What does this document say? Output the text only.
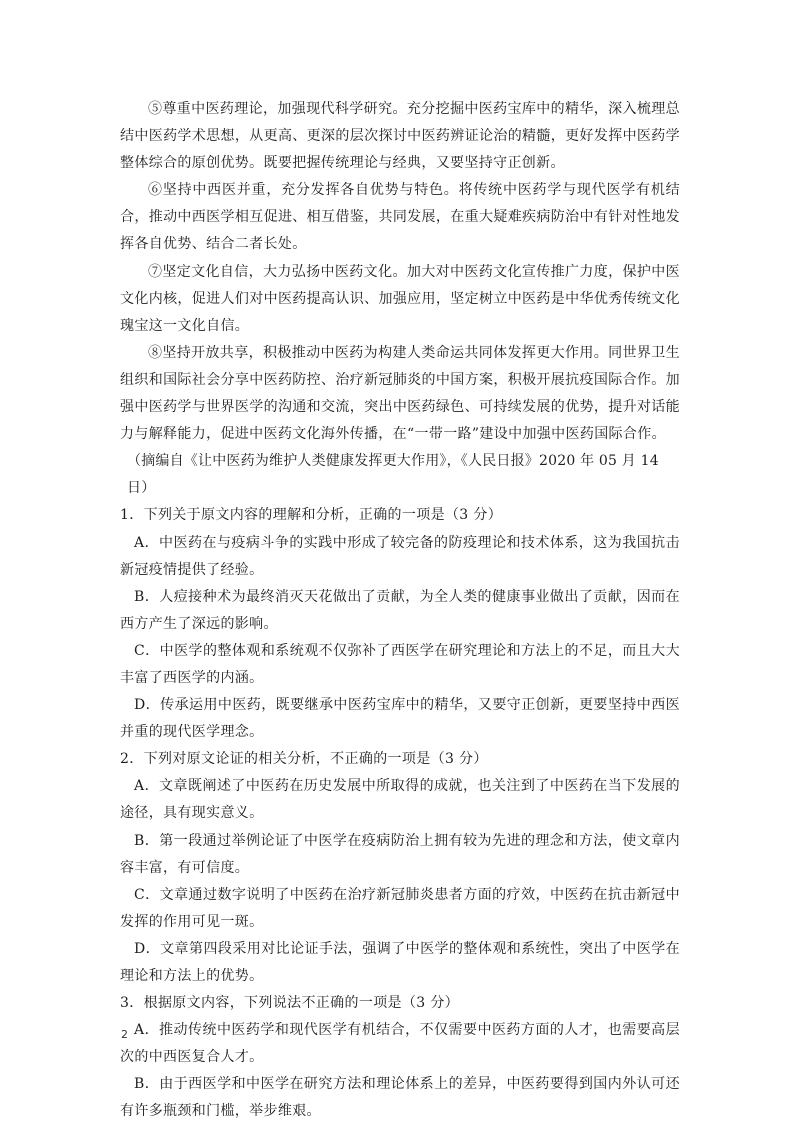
⑤尊重中医药理论，加强现代科学研究。充分挖掘中医药宝库中的精华，深入梳理总结中医药学术思想，从更高、更深的层次探讨中医药辨证论治的精髓，更好发挥中医药学整体综合的原创优势。既要把握传统理论与经典，又要坚持守正创新。

⑥坚持中西医并重，充分发挥各自优势与特色。将传统中医药学与现代医学有机结合，推动中西医学相互促进、相互借鉴，共同发展，在重大疑难疾病防治中有针对性地发挥各自优势、结合二者长处。

⑦坚定文化自信，大力弘扬中医药文化。加大对中医药文化宣传推广力度，保护中医文化内核，促进人们对中医药提高认识、加强应用，坚定树立中医药是中华优秀传统文化瑰宝这一文化自信。

⑧坚持开放共享，积极推动中医药为构建人类命运共同体发挥更大作用。同世界卫生组织和国际社会分享中医药防控、治疗新冠肺炎的中国方案，积极开展抗疫国际合作。加强中医药学与世界医学的沟通和交流，突出中医药绿色、可持续发展的优势，提升对话能力与解释能力，促进中医药文化海外传播，在“一带一路”建设中加强中医药国际合作。

（摘编自《让中医药为维护人类健康发挥更大作用》，《人民日报》2020 年 05 月 14 日）

1．下列关于原文内容的理解和分析，正确的一项是（3 分）

A．中医药在与疫病斗争的实践中形成了较完备的防疫理论和技术体系，这为我国抗击新冠疫情提供了经验。

B．人痘接种术为最终消灭天花做出了贡献，为全人类的健康事业做出了贡献，因而在西方产生了深远的影响。

C．中医学的整体观和系统观不仅弥补了西医学在研究理论和方法上的不足，而且大大丰富了西医学的内涵。

D．传承运用中医药，既要继承中医药宝库中的精华，又要守正创新，更要坚持中西医并重的现代医学理念。

2．下列对原文论证的相关分析，不正确的一项是（3 分）

A．文章既阐述了中医药在历史发展中所取得的成就，也关注到了中医药在当下发展的途径，具有现实意义。

B．第一段通过举例论证了中医学在疫病防治上拥有较为先进的理念和方法，使文章内容丰富，有可信度。

C．文章通过数字说明了中医药在治疗新冠肺炎患者方面的疗效，中医药在抗击新冠中发挥的作用可见一斑。

D．文章第四段采用对比论证手法，强调了中医学的整体观和系统性，突出了中医学在理论和方法上的优势。

3．根据原文内容，下列说法不正确的一项是（3 分）

A．推动传统中医药学和现代医学有机结合，不仅需要中医药方面的人才，也需要高层次的中西医复合人才。

B．由于西医学和中医学在研究方法和理论体系上的差异，中医药要得到国内外认可还有许多瓶颈和门槛，举步维艰。

2
